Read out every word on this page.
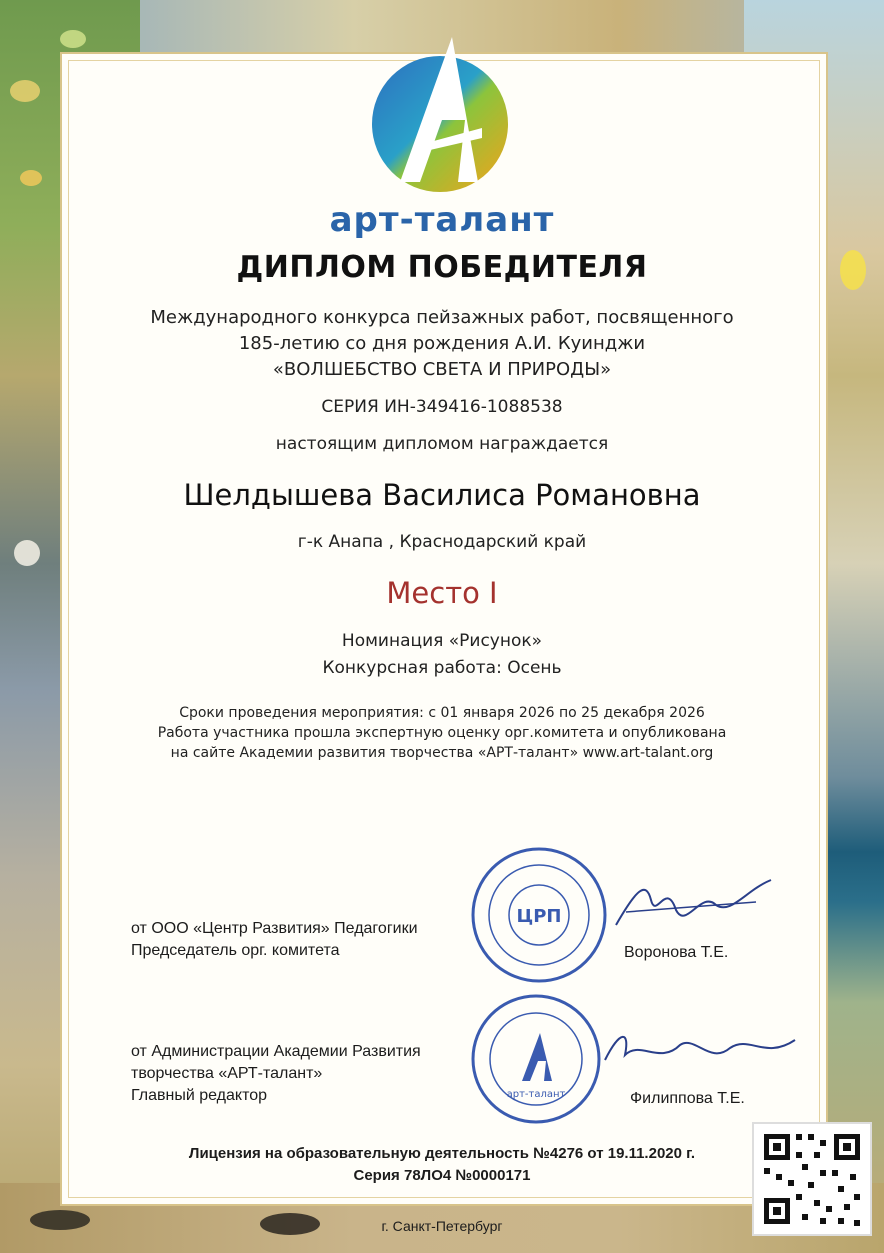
арт-талант
ДИПЛОМ ПОБЕДИТЕЛЯ
Международного конкурса пейзажных работ, посвященного
185-летию со дня рождения А.И. Куинджи
«ВОЛШЕБСТВО СВЕТА И ПРИРОДЫ»
СЕРИЯ ИН-349416-1088538
настоящим дипломом награждается
Шелдышева Василиса Романовна
г-к Анапа , Краснодарский край
Место I
Номинация «Рисунок»
Конкурсная работа: Осень
Сроки проведения мероприятия: с 01 января 2026 по 25 декабря 2026
Работа участника прошла экспертную оценку орг.комитета и опубликована
на сайте Академии развития творчества «АРТ-талант» www.art-talant.org
от ООО «Центр Развития» Педагогики
Председатель орг. комитета
ЦРП
Воронова Т.Е.
от Администрации Академии Развития
творчества «АРТ-талант»
Главный редактор	арт-талант	Филиппова Т.Е.
Лицензия на образовательную деятельность №4276 от 19.11.2020 г.
Серия 78ЛО4 №0000171
г. Санкт-Петербург
